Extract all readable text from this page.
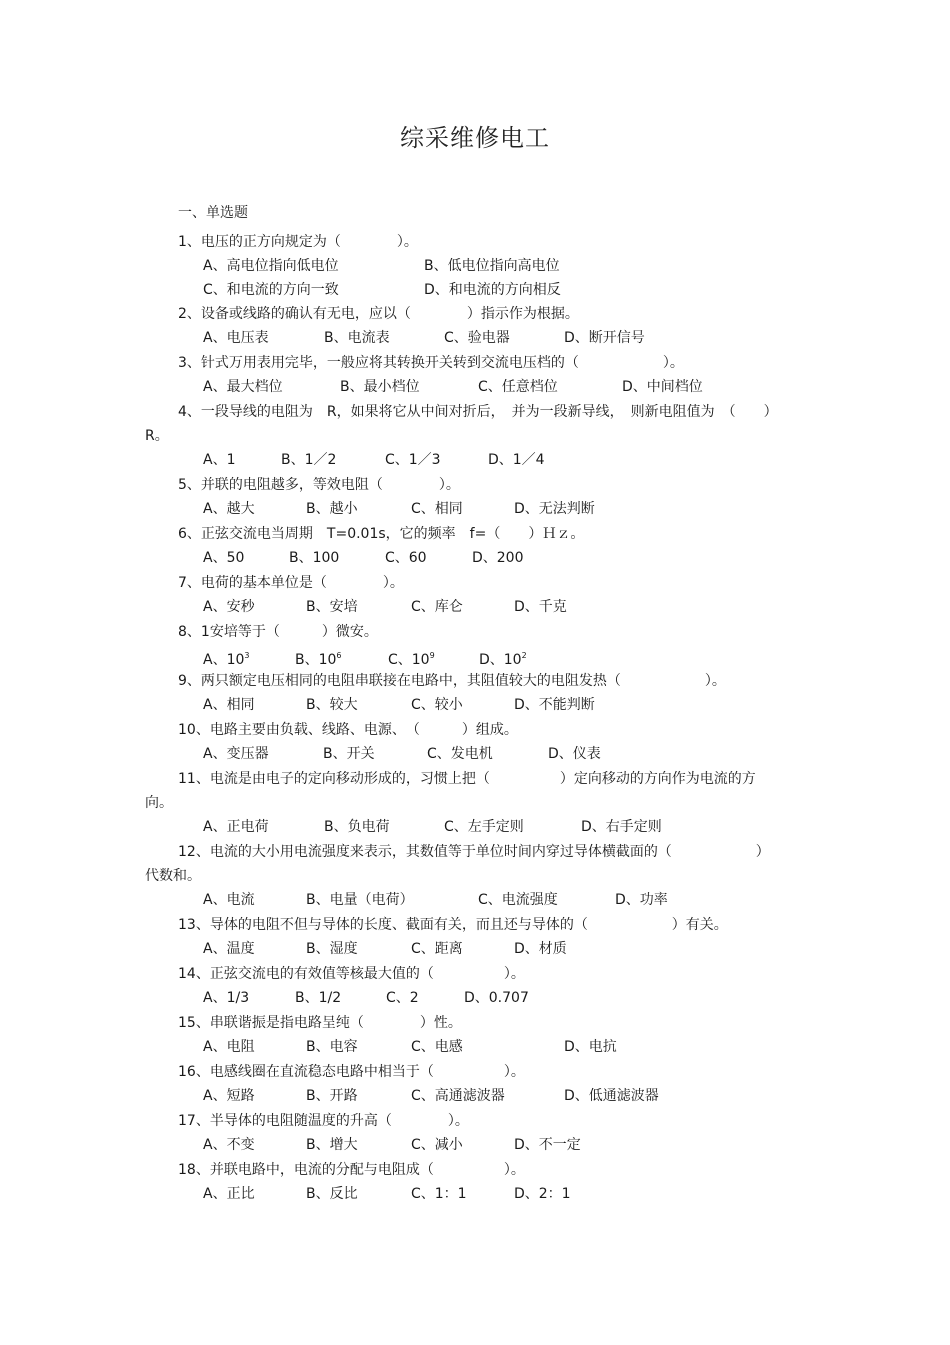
综采维修电工
一、单选题
1、电压的正方向规定为（　　　　）。
A、高电位指向低电位	B、低电位指向高电位
C、和电流的方向一致	D、和电流的方向相反
2、设备或线路的确认有无电，应以（　　　　）指示作为根据。
A、电压表	B、电流表	C、验电器	D、断开信号
3、针式万用表用完毕，一般应将其转换开关转到交流电压档的（　　　　　　）。
A、最大档位	B、最小档位	C、任意档位	D、中间档位
4、一段导线的电阻为　R，如果将它从中间对折后，　并为一段新导线，　则新电阻值为　（　　）
R。
A、1	B、1／2	C、1／3	D、1／4
5、并联的电阻越多，等效电阻（　　　　）。
A、越大	B、越小	C、相同	D、无法判断
6、正弦交流电当周期　T=0.01s，它的频率　f=（　　）Ｈｚ。
A、50	B、100	C、60	D、200
7、电荷的基本单位是（　　　　）。
A、安秒	B、安培	C、库仑	D、千克
8、1安培等于（　　　）微安。
A、$10^3$	B、$10^6$	C、$10^9$	D、$10^2$
9、两只额定电压相同的电阻串联接在电路中，其阻值较大的电阻发热（　　　　　　）。
A、相同	B、较大	C、较小	D、不能判断
10、电路主要由负载、线路、电源、　（　　　）组成。
A、变压器	B、开关	C、发电机	D、仪表
11、电流是由电子的定向移动形成的，习惯上把（　　　　　）定向移动的方向作为电流的方
向。
A、正电荷	B、负电荷	C、左手定则	D、右手定则
12、电流的大小用电流强度来表示，其数值等于单位时间内穿过导体横截面的（　　　　　　）
代数和。
A、电流	B、电量（电荷）	C、电流强度	D、功率
13、导体的电阻不但与导体的长度、截面有关，而且还与导体的（　　　　　　）有关。
A、温度	B、湿度	C、距离	D、材质
14、正弦交流电的有效值等核最大值的（　　　　　）。
A、1/3	B、1/2	C、2	D、0.707
15、串联谐振是指电路呈纯（　　　　）性。
A、电阻	B、电容	C、电感	D、电抗
16、电感线圈在直流稳态电路中相当于（　　　　　）。
A、短路	B、开路	C、高通滤波器	D、低通滤波器
17、半导体的电阻随温度的升高（　　　　）。
A、不变	B、增大	C、减小	D、不一定
18、并联电路中，电流的分配与电阻成（　　　　　）。
A、正比	B、反比	C、1：1	D、2：1
